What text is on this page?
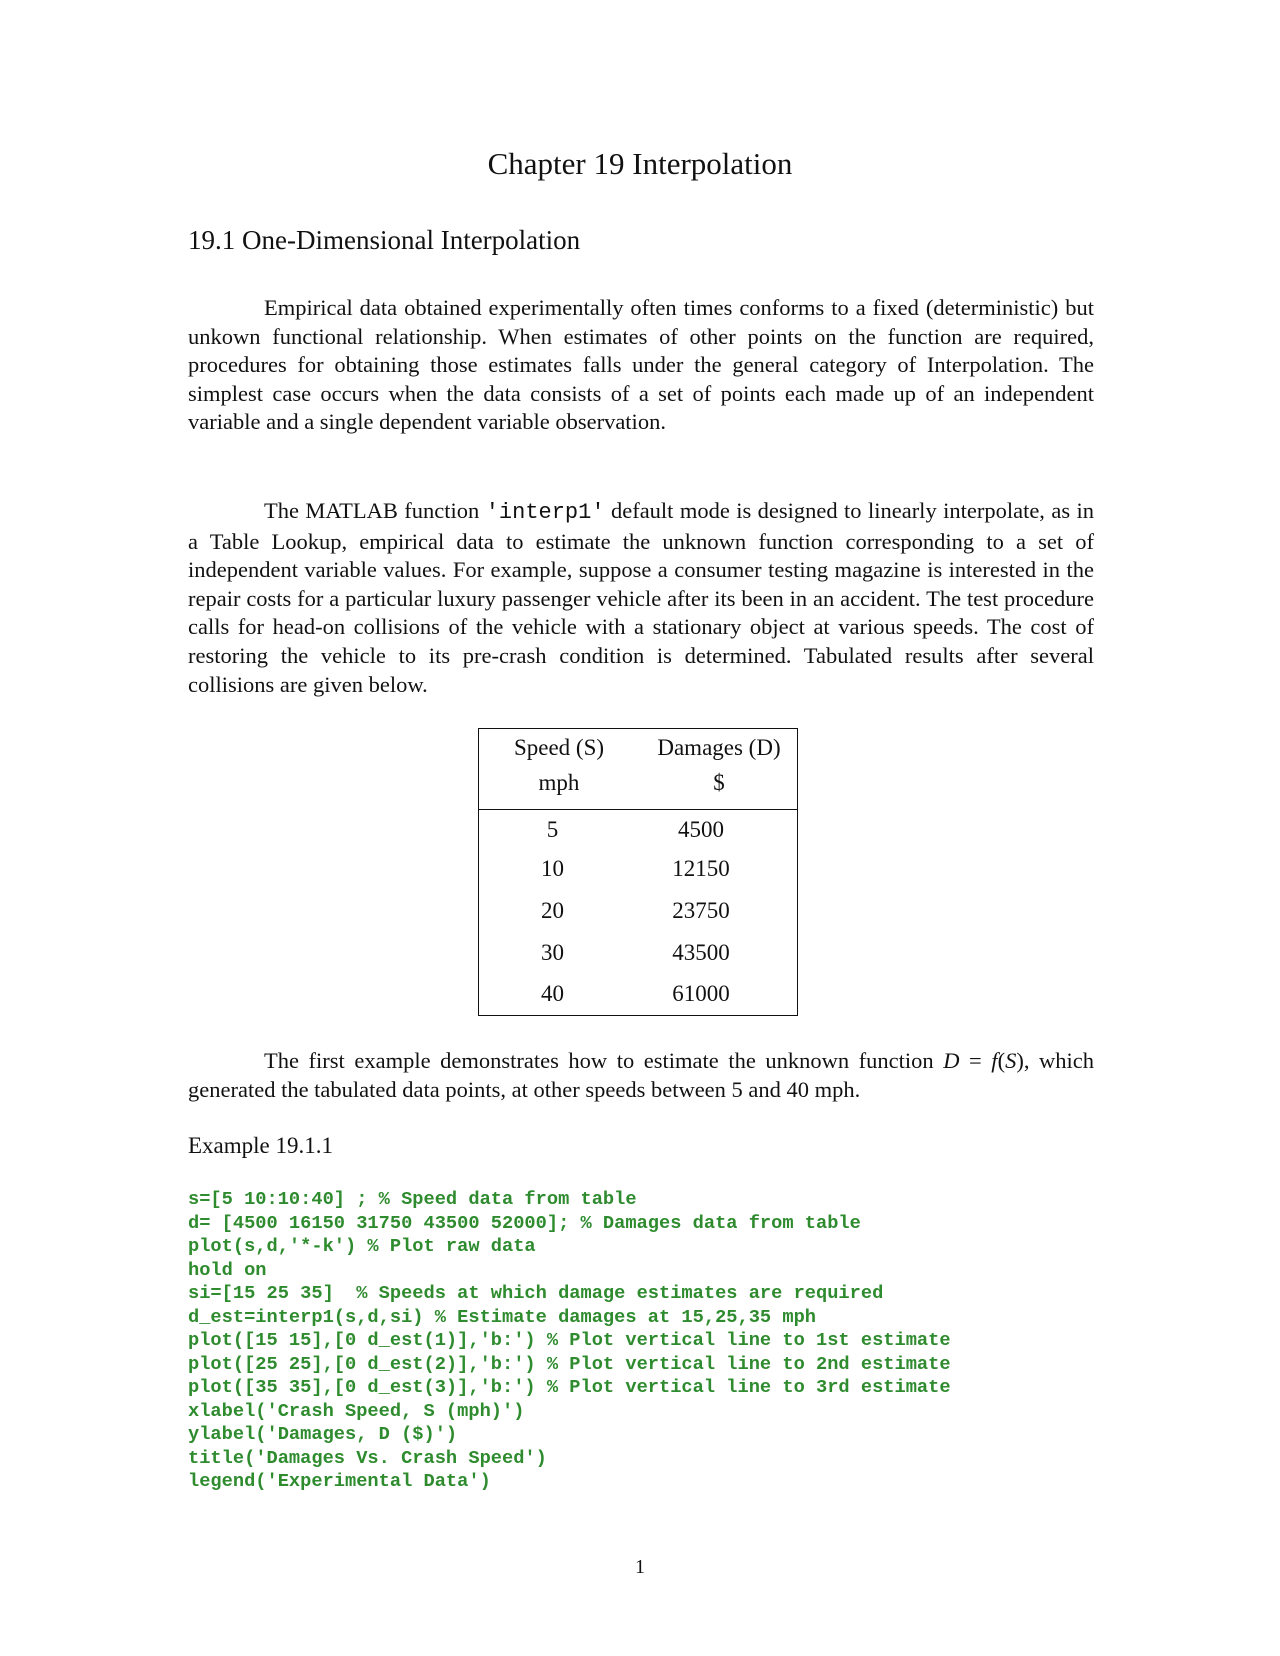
Chapter 19 Interpolation
19.1 One-Dimensional Interpolation

Empirical data obtained experimentally often times conforms to a fixed (deterministic) but unkown functional relationship. When estimates of other points on the function are required, procedures for obtaining those estimates falls under the general category of Interpolation. The simplest case occurs when the data consists of a set of points each made up of an independent variable and a single dependent variable observation.

The MATLAB function 'interp1' default mode is designed to linearly interpolate, as in a Table Lookup, empirical data to estimate the unknown function corresponding to a set of independent variable values. For example, suppose a consumer testing magazine is interested in the repair costs for a particular luxury passenger vehicle after its been in an accident. The test procedure calls for head-on collisions of the vehicle with a stationary object at various speeds. The cost of restoring the vehicle to its pre-crash condition is determined. Tabulated results after several collisions are given below.

Speed (S)	Damages (D)
mph	$
5	4500
10	12150
20	23750
30	43500
40	61000

The first example demonstrates how to estimate the unknown function D = f(S), which generated the tabulated data points, at other speeds between 5 and 40 mph.

Example 19.1.1

s=[5 10:10:40] ; % Speed data from table
d= [4500 16150 31750 43500 52000]; % Damages data from table
plot(s,d,'*-k') % Plot raw data
hold on
si=[15 25 35]  % Speeds at which damage estimates are required
d_est=interp1(s,d,si) % Estimate damages at 15,25,35 mph
plot([15 15],[0 d_est(1)],'b:') % Plot vertical line to 1st estimate
plot([25 25],[0 d_est(2)],'b:') % Plot vertical line to 2nd estimate
plot([35 35],[0 d_est(3)],'b:') % Plot vertical line to 3rd estimate
xlabel('Crash Speed, S (mph)')
ylabel('Damages, D ($)')
title('Damages Vs. Crash Speed')
legend('Experimental Data')
1
